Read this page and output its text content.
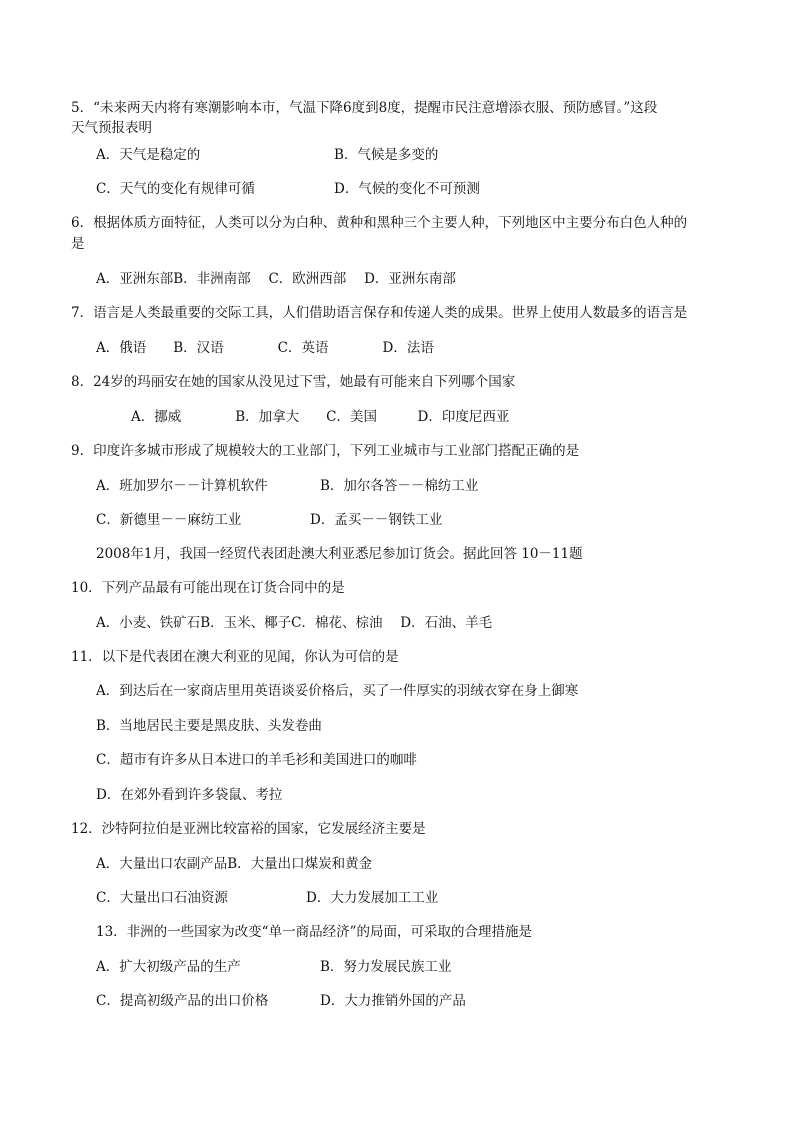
5．“未来两天内将有寒潮影响本市，气温下降6度到8度，提醒市民注意增添衣服、预防感冒。”这段
天气预报表明
A．天气是稳定的	B．气候是多变的
C．天气的变化有规律可循	D．气候的变化不可预测
6．根据体质方面特征，人类可以分为白种、黄种和黑种三个主要人种，下列地区中主要分布白色人种的
是
A．亚洲东部B．非洲南部　 C．欧洲西部　 D．亚洲东南部
7．语言是人类最重要的交际工具，人们借助语言保存和传递人类的成果。世界上使用人数最多的语言是
A．俄语　　B．汉语　　　　C．英语　　　　D．法语
8．24岁的玛丽安在她的国家从没见过下雪，她最有可能来自下列哪个国家
A．挪威　　　　B．加拿大　　C．美国　　　D．印度尼西亚
9．印度许多城市形成了规模较大的工业部门，下列工业城市与工业部门搭配正确的是
A．班加罗尔－－计算机软件	B．加尔各答－－棉纺工业
C．新德里－－麻纺工业	D．孟买－－钢铁工业
2008年1月，我国一经贸代表团赴澳大利亚悉尼参加订货会。据此回答 10－11题
10．下列产品最有可能出现在订货合同中的是
A．小麦、铁矿石B．玉米、椰子C．棉花、棕油　 D．石油、羊毛
11．以下是代表团在澳大利亚的见闻，你认为可信的是
A．到达后在一家商店里用英语谈妥价格后，买了一件厚实的羽绒衣穿在身上御寒
B．当地居民主要是黑皮肤、头发卷曲
C．超市有许多从日本进口的羊毛衫和美国进口的咖啡
D．在郊外看到许多袋鼠、考拉
12．沙特阿拉伯是亚洲比较富裕的国家，它发展经济主要是
A．大量出口农副产品B．大量出口煤炭和黄金
C．大量出口石油资源	D．大力发展加工工业
13．非洲的一些国家为改变“单一商品经济”的局面，可采取的合理措施是
A．扩大初级产品的生产	B．努力发展民族工业
C．提高初级产品的出口价格	D．大力推销外国的产品
